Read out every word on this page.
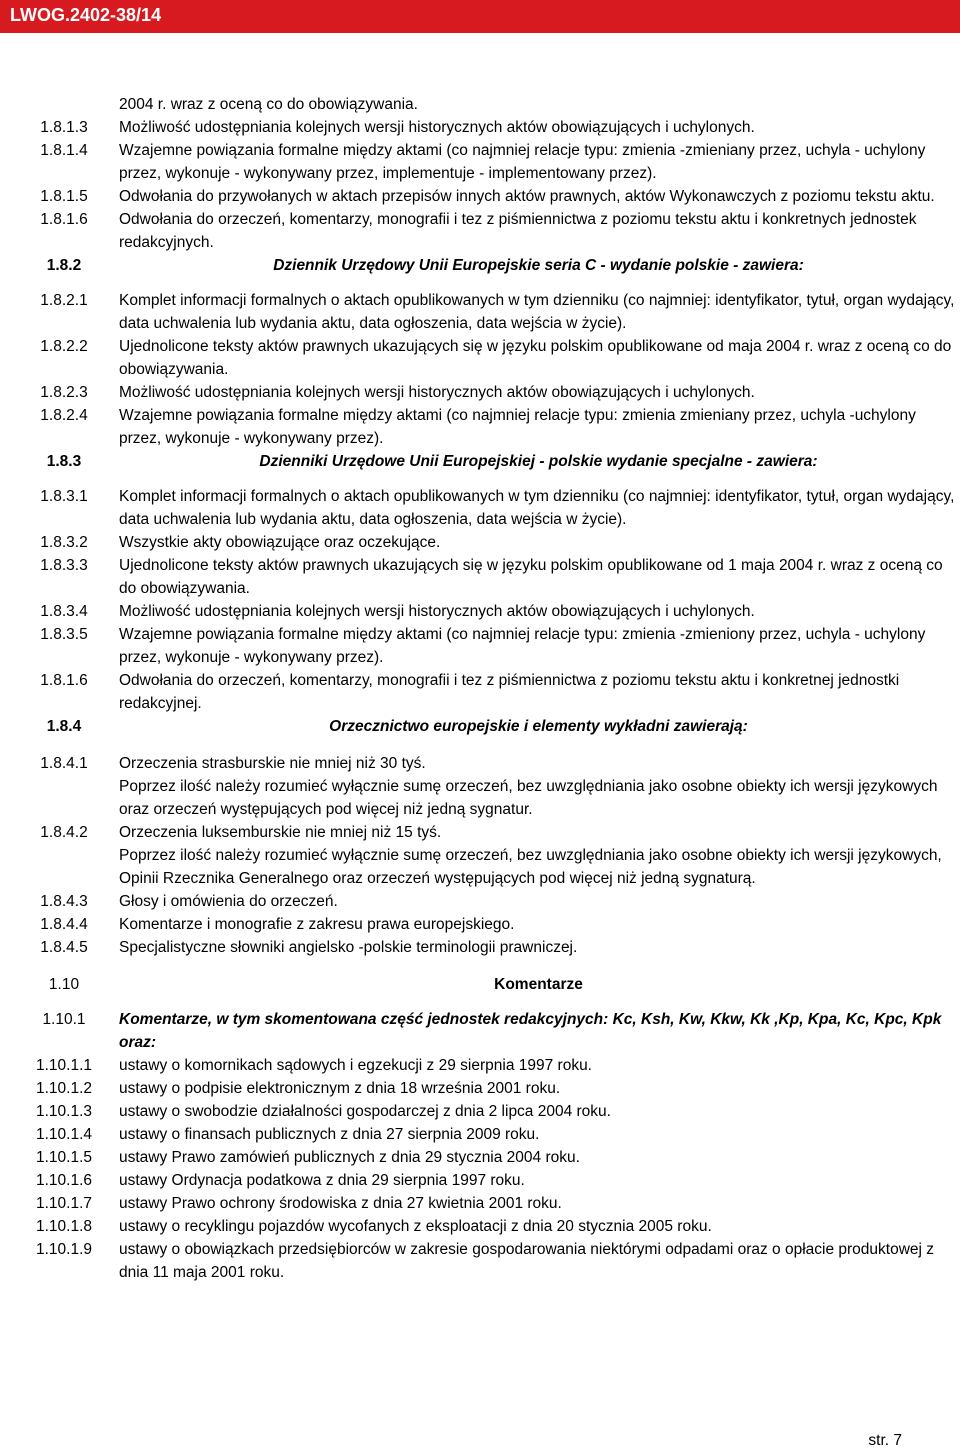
LWOG.2402-38/14
2004 r. wraz z oceną co do obowiązywania.
1.8.1.3	Możliwość udostępniania kolejnych wersji historycznych aktów obowiązujących i uchylonych.
1.8.1.4	Wzajemne powiązania formalne między aktami (co najmniej relacje typu: zmienia -zmieniany przez, uchyla - uchylony przez, wykonuje - wykonywany przez, implementuje - implementowany przez).
1.8.1.5	Odwołania do przywołanych w aktach przepisów innych aktów prawnych, aktów Wykonawczych z poziomu tekstu aktu.
1.8.1.6	Odwołania do orzeczeń, komentarzy, monografii i tez z piśmiennictwa z poziomu tekstu aktu i konkretnych jednostek redakcyjnych.
1.8.2	Dziennik Urzędowy Unii Europejskie seria C - wydanie polskie - zawiera:
1.8.2.1	Komplet informacji formalnych o aktach opublikowanych w tym dzienniku (co najmniej: identyfikator, tytuł, organ wydający, data uchwalenia lub wydania aktu, data ogłoszenia, data wejścia w życie).
1.8.2.2	Ujednolicone teksty aktów prawnych ukazujących się w języku polskim opublikowane od maja 2004 r. wraz z oceną co do obowiązywania.
1.8.2.3	Możliwość udostępniania kolejnych wersji historycznych aktów obowiązujących i uchylonych.
1.8.2.4	Wzajemne powiązania formalne między aktami (co najmniej relacje typu: zmienia zmieniany przez, uchyla -uchylony przez, wykonuje - wykonywany przez).
1.8.3	Dzienniki Urzędowe Unii Europejskiej - polskie wydanie specjalne - zawiera:
1.8.3.1	Komplet informacji formalnych o aktach opublikowanych w tym dzienniku (co najmniej: identyfikator, tytuł, organ wydający, data uchwalenia lub wydania aktu, data ogłoszenia, data wejścia w życie).
1.8.3.2	Wszystkie akty obowiązujące oraz oczekujące.
1.8.3.3	Ujednolicone teksty aktów prawnych ukazujących się w języku polskim opublikowane od 1 maja 2004 r. wraz z oceną co do obowiązywania.
1.8.3.4	Możliwość udostępniania kolejnych wersji historycznych aktów obowiązujących i uchylonych.
1.8.3.5	Wzajemne powiązania formalne między aktami (co najmniej relacje typu: zmienia -zmieniony przez, uchyla - uchylony przez, wykonuje - wykonywany przez).
1.8.1.6	Odwołania do orzeczeń, komentarzy, monografii i tez z piśmiennictwa z poziomu tekstu aktu i konkretnej jednostki redakcyjnej.
1.8.4	Orzecznictwo europejskie i elementy wykładni zawierają:
1.8.4.1	Orzeczenia strasburskie nie mniej niż 30 tyś.
Poprzez ilość należy rozumieć wyłącznie sumę orzeczeń, bez uwzględniania jako osobne obiekty ich wersji językowych oraz orzeczeń występujących pod więcej niż jedną sygnatur.
1.8.4.2	Orzeczenia luksemburskie nie mniej niż 15 tyś.
Poprzez ilość należy rozumieć wyłącznie sumę orzeczeń, bez uwzględniania jako osobne obiekty ich wersji językowych, Opinii Rzecznika Generalnego oraz orzeczeń występujących pod więcej niż jedną sygnaturą.
1.8.4.3	Głosy i omówienia do orzeczeń.
1.8.4.4	Komentarze i monografie z zakresu prawa europejskiego.
1.8.4.5	Specjalistyczne słowniki angielsko -polskie terminologii prawniczej.
1.10	Komentarze
1.10.1	Komentarze, w tym skomentowana część jednostek redakcyjnych: Kc, Ksh, Kw, Kkw, Kk ,Kp, Kpa, Kc, Kpc, Kpk oraz:
1.10.1.1	ustawy o komornikach sądowych i egzekucji z 29 sierpnia 1997 roku.
1.10.1.2	ustawy o podpisie elektronicznym z dnia 18 września 2001 roku.
1.10.1.3	ustawy o swobodzie działalności gospodarczej z dnia 2 lipca 2004 roku.
1.10.1.4	ustawy o finansach publicznych z dnia 27 sierpnia 2009 roku.
1.10.1.5	ustawy Prawo zamówień publicznych z dnia 29 stycznia 2004 roku.
1.10.1.6	ustawy Ordynacja podatkowa z dnia 29 sierpnia 1997 roku.
1.10.1.7	ustawy Prawo ochrony środowiska z dnia 27 kwietnia 2001 roku.
1.10.1.8	ustawy o recyklingu pojazdów wycofanych z eksploatacji z dnia 20 stycznia 2005 roku.
1.10.1.9	ustawy o obowiązkach przedsiębiorców w zakresie gospodarowania niektórymi odpadami oraz o opłacie produktowej z dnia 11 maja 2001 roku.
str. 7
